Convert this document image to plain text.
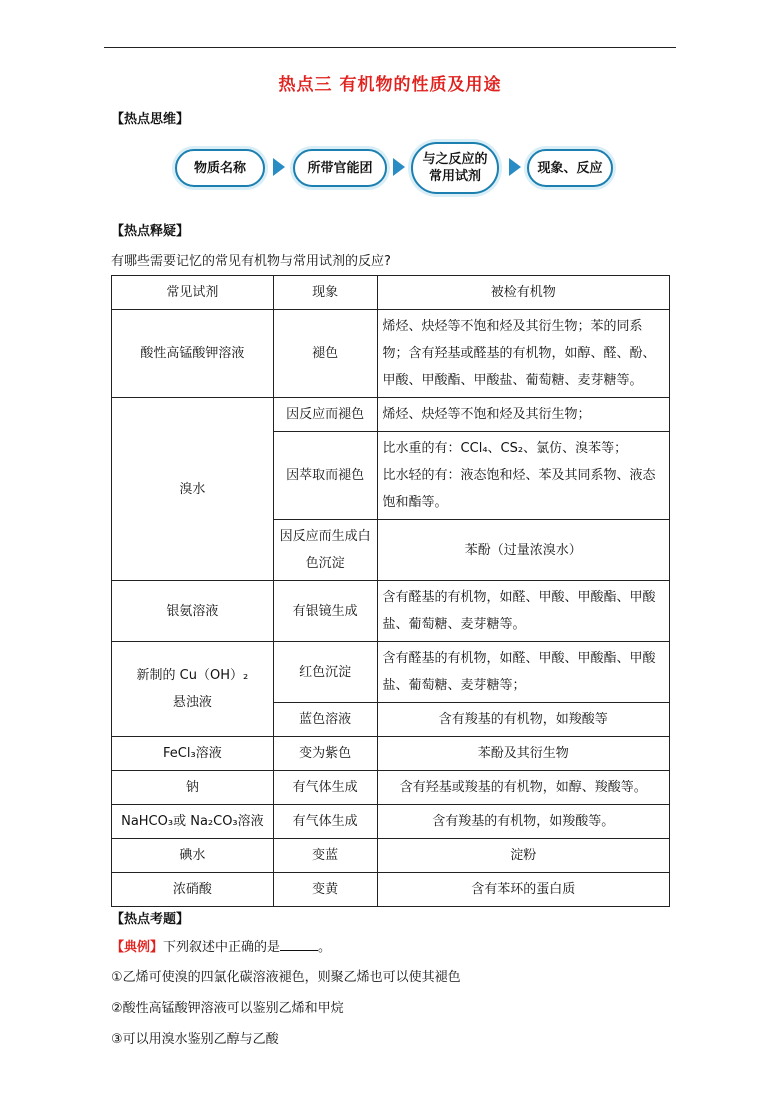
热点三 有机物的性质及用途
【热点思维】
物质名称	所带官能团
与之反应的
常用试剂
现象、反应
【热点释疑】
有哪些需要记忆的常见有机物与常用试剂的反应?
常见试剂	现象	被检有机物
酸性高锰酸钾溶液	褪色	烯烃、炔烃等不饱和烃及其衍生物；苯的同系物；含有羟基或醛基的有机物，如醇、醛、酚、甲酸、甲酸酯、甲酸盐、葡萄糖、麦芽糖等。
溴水	因反应而褪色	烯烃、炔烃等不饱和烃及其衍生物；
	因萃取而褪色	比水重的有：CCl₄、CS₂、氯仿、溴苯等；
比水轻的有：液态饱和烃、苯及其同系物、液态饱和酯等。

	因反应而生成白色沉淀	苯酚（过量浓溴水）
银氨溶液	有银镜生成	含有醛基的有机物，如醛、甲酸、甲酸酯、甲酸盐、葡萄糖、麦芽糖等。

新制的 Cu（OH）₂
悬浊液	红色沉淀	含有醛基的有机物，如醛、甲酸、甲酸酯、甲酸盐、葡萄糖、麦芽糖等；
	蓝色溶液	含有羧基的有机物，如羧酸等
FeCl₃溶液	变为紫色	苯酚及其衍生物
钠	有气体生成	含有羟基或羧基的有机物，如醇、羧酸等。
NaHCO₃或 Na₂CO₃溶液	有气体生成	含有羧基的有机物，如羧酸等。
碘水	变蓝	淀粉
浓硝酸	变黄	含有苯环的蛋白质
【热点考题】
【典例】下列叙述中正确的是	。
①乙烯可使溴的四氯化碳溶液褪色，则聚乙烯也可以使其褪色
②酸性高锰酸钾溶液可以鉴别乙烯和甲烷
③可以用溴水鉴别乙醇与乙酸
